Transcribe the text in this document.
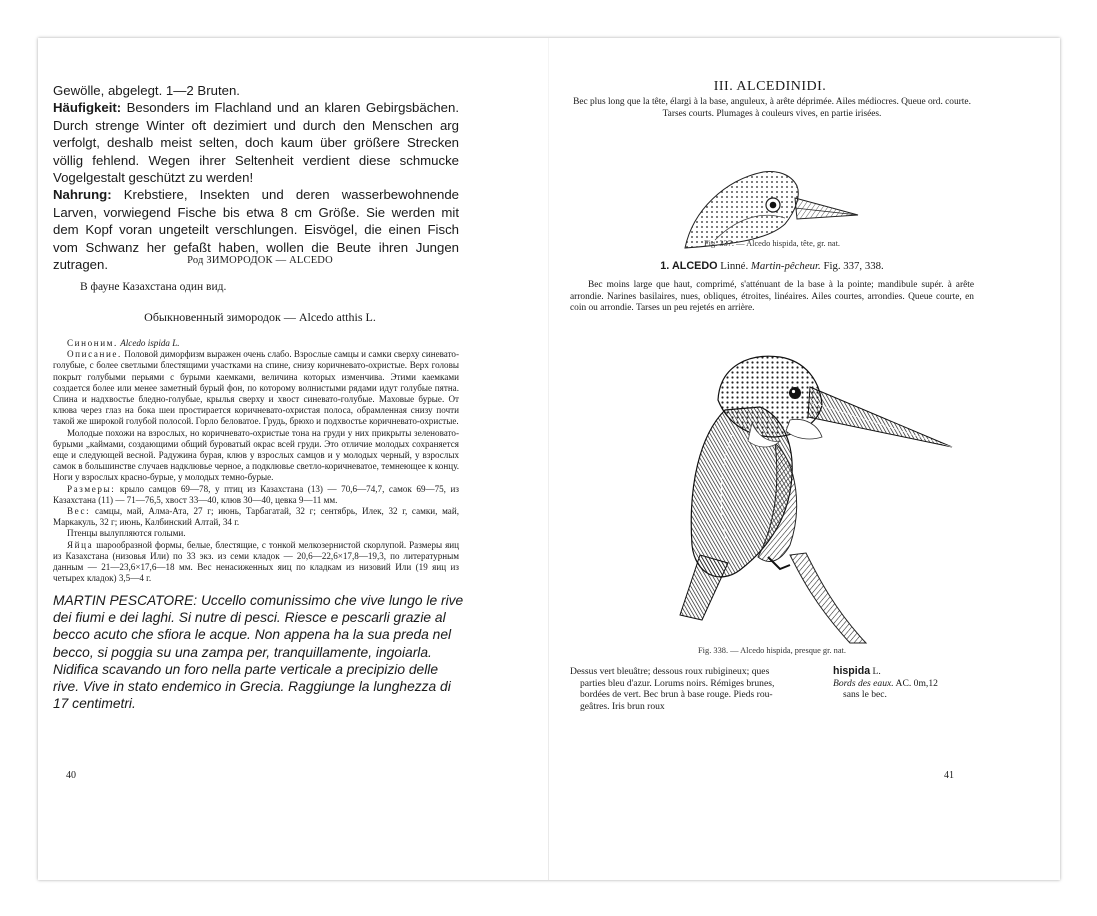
Gewölle, abgelegt. 1—2 Bruten.

Häufigkeit: Besonders im Flachland und an klaren Gebirgsbächen. Durch strenge Winter oft dezimiert und durch den Menschen arg verfolgt, deshalb meist selten, doch kaum über größere Strecken völlig fehlend. Wegen ihrer Seltenheit verdient diese schmucke Vogelgestalt geschützt zu werden!

Nahrung: Krebstiere, Insekten und deren wasserbewohnende Larven, vorwiegend Fische bis etwa 8 cm Größe. Sie werden mit dem Kopf voran ungeteilt verschlungen. Eisvögel, die einen Fisch vom Schwanz her gefaßt haben, wollen die Beute ihren Jungen zutragen.	Род ЗИМОРОДОК — ALCEDO
В фауне Казахстана один вид.
Обыкновенный зимородок — Alcedo atthis L.

Синоним. Alcedo ispida L.

Описание. Половой диморфизм выражен очень слабо. Взрослые самцы и самки сверху синевато-голубые, с более светлыми блестящими участками на спине, снизу коричневато-охристые. Верх головы покрыт голубыми перьями с бурыми каемками, величина которых изменчива. Этими каемками создается более или менее заметный бурый фон, по которому волнистыми рядами идут голубые пятна. Спина и надхвостье бледно-голубые, крылья сверху и хвост синевато-голубые. Маховые бурые. От клюва через глаз на бока шеи простирается коричневато-охристая полоса, обрамленная снизу почти такой же широкой голубой полосой. Горло беловатое. Грудь, брюхо и подхвостье коричневато-охристые.

Молодые похожи на взрослых, но коричневато-охристые тона на груди у них прикрыты зеленовато-бурыми „каймами, создающими общий буроватый окрас всей груди. Это отличие молодых сохраняется еще и следующей весной. Радужина бурая, клюв у взрослых самцов и у молодых черный, у взрослых самок в большинстве случаев надклювье черное, а подклювье светло-коричневатое, темнеющее к концу. Ноги у взрослых красно-бурые, у молодых темно-бурые.

Размеры: крыло самцов 69—78, у птиц из Казахстана (13) — 70,6—74,7, самок 69—75, из Казахстана (11) — 71—76,5, хвост 33—40, клюв 30—40, цевка 9—11 мм.

Вес: самцы, май, Алма-Ата, 27 г; июнь, Тарбагатай, 32 г; сентябрь, Илек, 32 г, самки, май, Маркакуль, 32 г; июнь, Калбинский Алтай, 34 г.

Птенцы вылупляются голыми.

Яйца шарообразной формы, белые, блестящие, с тонкой мелкозернистой скорлупой. Размеры яиц из Казахстана (низовья Или) по 33 экз. из семи кладок — 20,6—22,6×17,8—19,3, по литературным данным — 21—23,6×17,6—18 мм. Вес ненасиженных яиц по кладкам из низовий Или (19 яиц из четырех кладок) 3,5—4 г.

MARTIN PESCATORE: Uccello comunissimo che vive lungo le rive dei fiumi e dei laghi. Si nutre di pesci. Riesce e pescarli grazie al becco acuto che sfiora le acque. Non appena ha la sua preda nel becco, si poggia su una zampa per, tranquillamente, ingoiarla. Nidifica scavando un foro nella parte verticale a precipizio delle rive. Vive in stato endemico in Grecia. Raggiunge la lunghezza di 17 centimetri.

40
III. ALCEDINIDI.
Bec plus long que la tête, élargi à la base, anguleux, à arête déprimée. Ailes médiocres. Queue ord. courte. Tarses courts. Plumages à couleurs vives, en partie irisées.
Fig. 337. — Alcedo hispida, tête, gr. nat.
1. ALCEDO Linné. Martin-pêcheur. Fig. 337, 338.

Bec moins large que haut, comprimé, s'atténuant de la base à la pointe; mandibule supér. à arête arrondie. Narines basilaires, nues, obliques, étroites, linéaires. Ailes courtes, arrondies. Queue courte, en coin ou arrondie. Tarses un peu rejetés en arrière.

Fig. 338. — Alcedo hispida, presque gr. nat.

Dessus vert bleuâtre; dessous roux rubigineux; ques

parties bleu d'azur. Lorums noirs. Rémiges brunes,

bordées de vert. Bec brun à base rouge. Pieds rou-

geâtres. Iris brun roux

hispida L.

Bords des eaux. AC. 0m,12

sans le bec.

41
